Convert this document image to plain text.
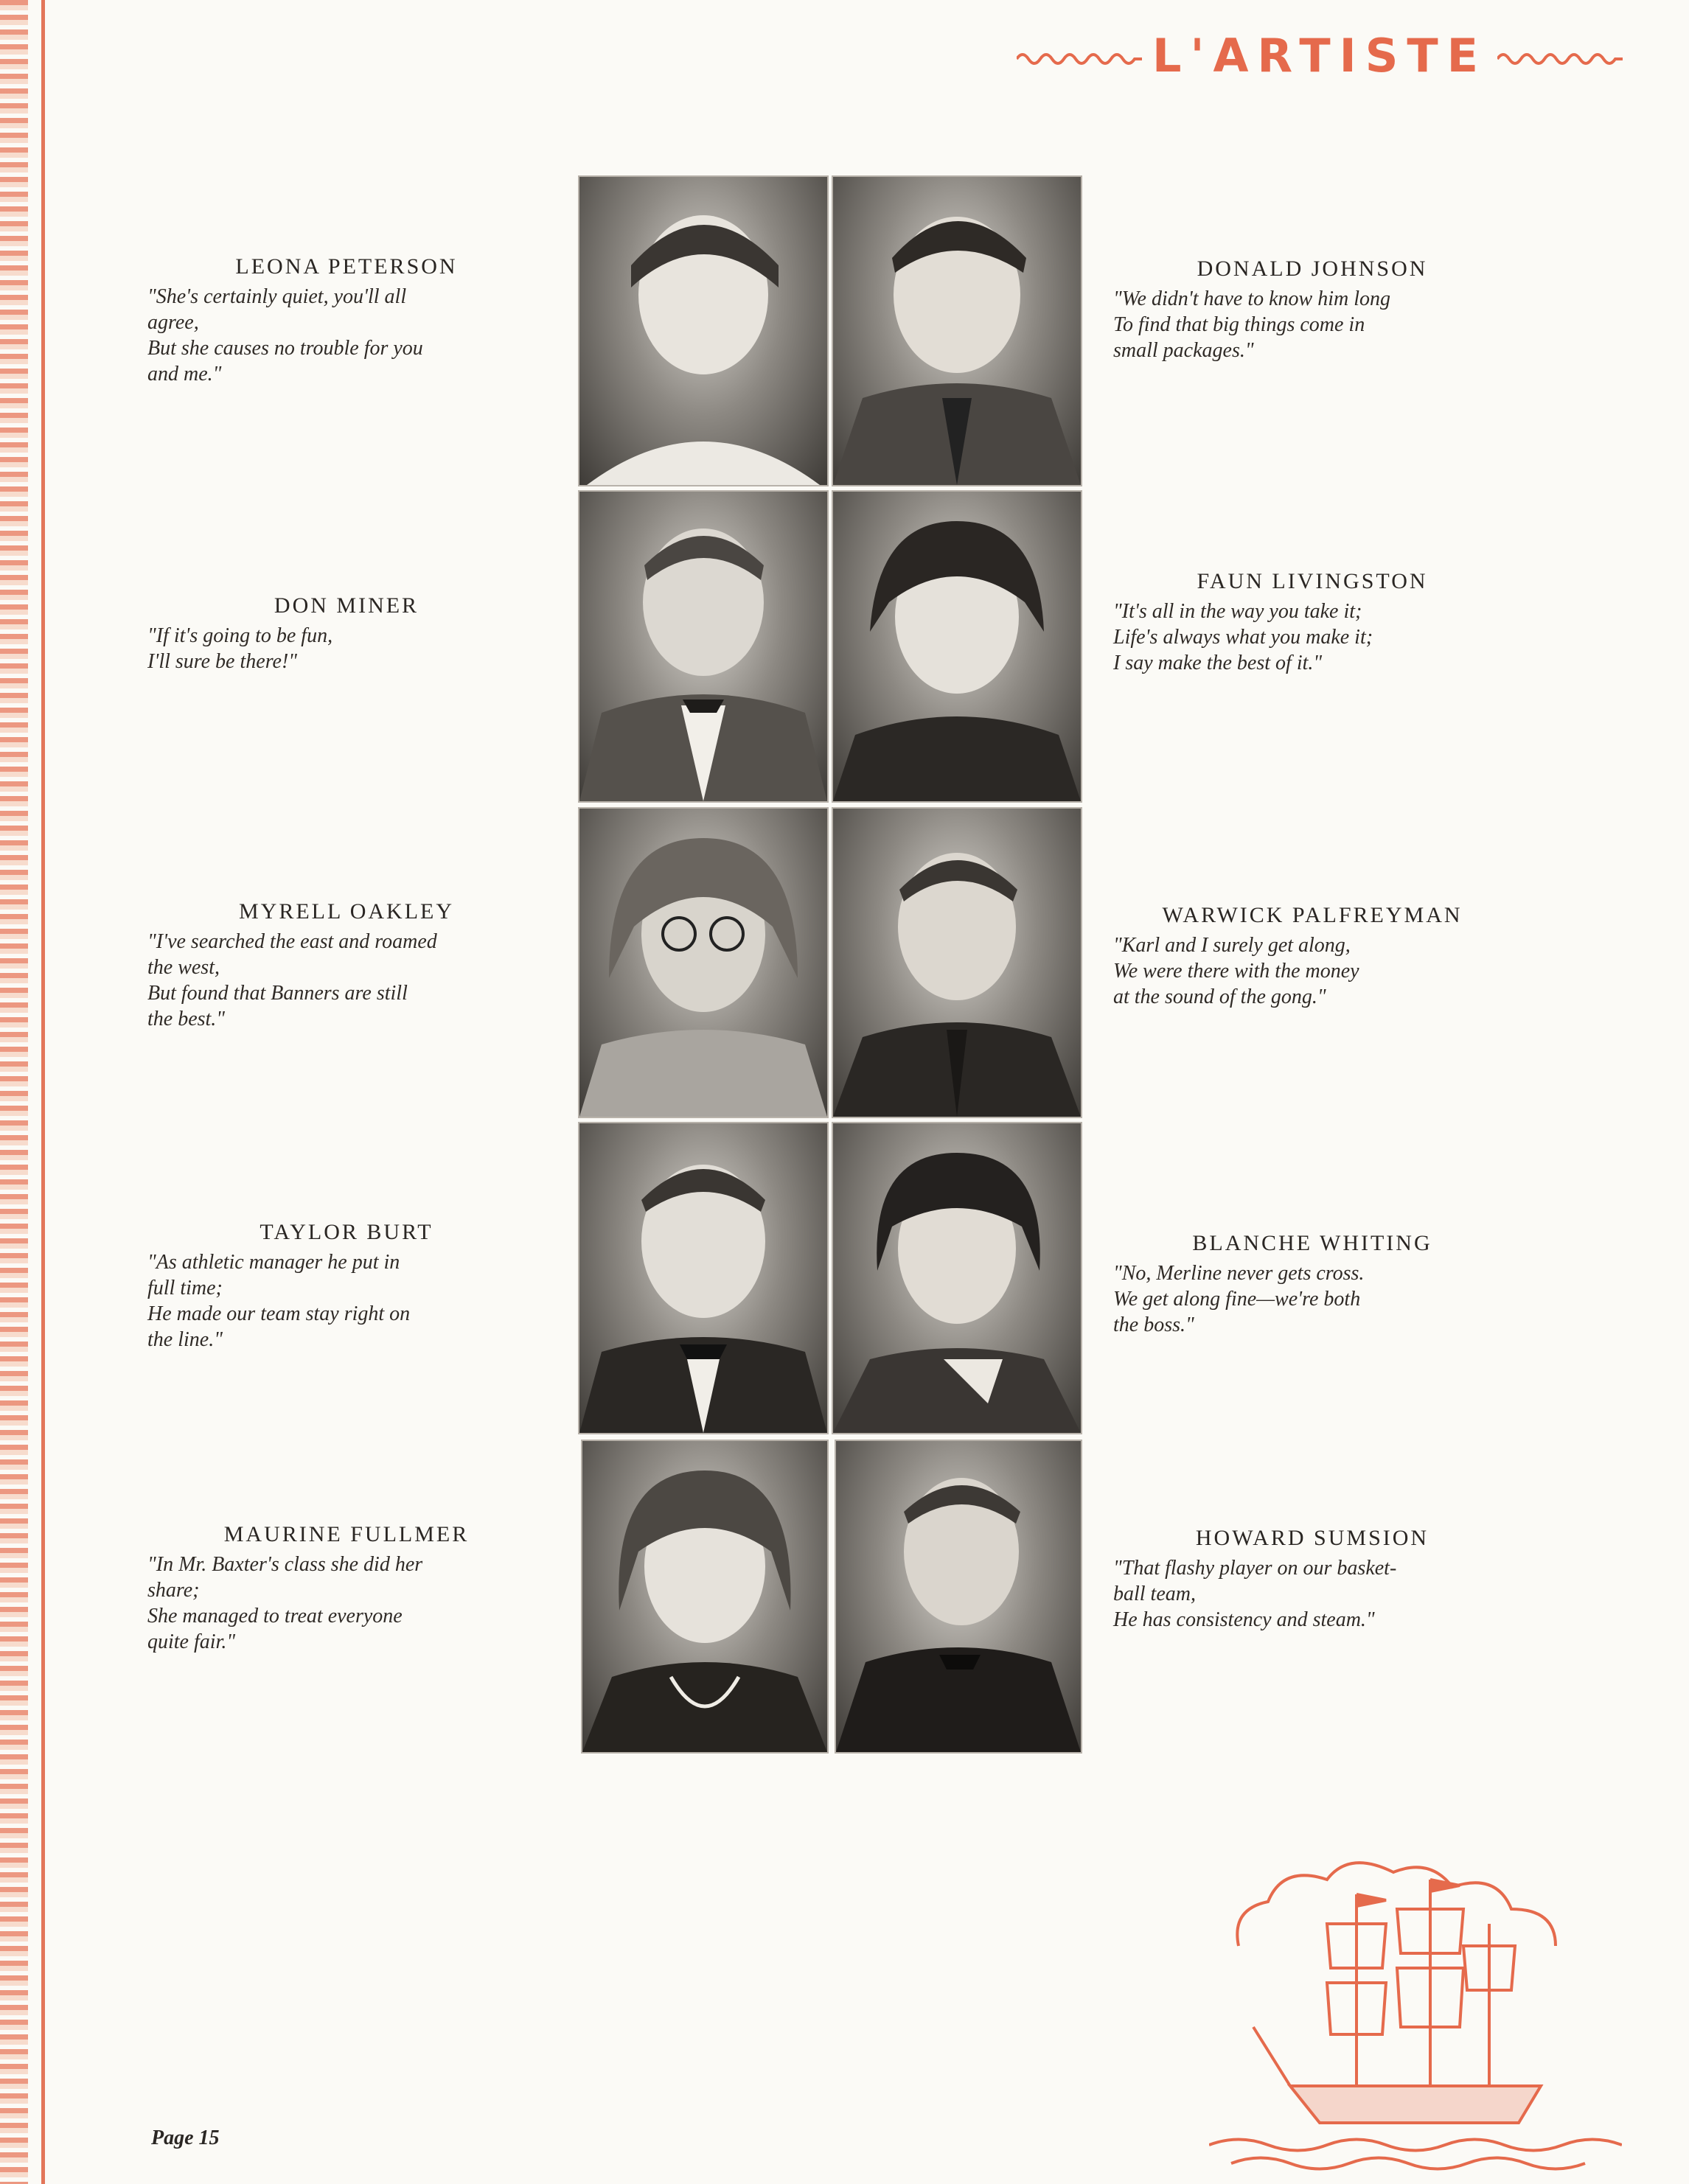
L'ARTISTE
LEONA PETERSON
"She's certainly quiet, you'll all
agree,
But she causes no trouble for you
and me."
DON MINER
"If it's going to be fun,
I'll sure be there!"
MYRELL OAKLEY
"I've searched the east and roamed
the west,
But found that Banners are still
the best."
TAYLOR BURT
"As athletic manager he put in
full time;
He made our team stay right on
the line."
MAURINE FULLMER
"In Mr. Baxter's class she did her
share;
She managed to treat everyone
quite fair."
DONALD JOHNSON
"We didn't have to know him long
To find that big things come in
small packages."
FAUN LIVINGSTON
"It's all in the way you take it;
Life's always what you make it;
I say make the best of it."
WARWICK PALFREYMAN
"Karl and I surely get along,
We were there with the money
at the sound of the gong."
BLANCHE WHITING
"No, Merline never gets cross.
We get along fine—we're both
the boss."
HOWARD SUMSION
"That flashy player on our basket-
ball team,
He has consistency and steam."
Page 15
